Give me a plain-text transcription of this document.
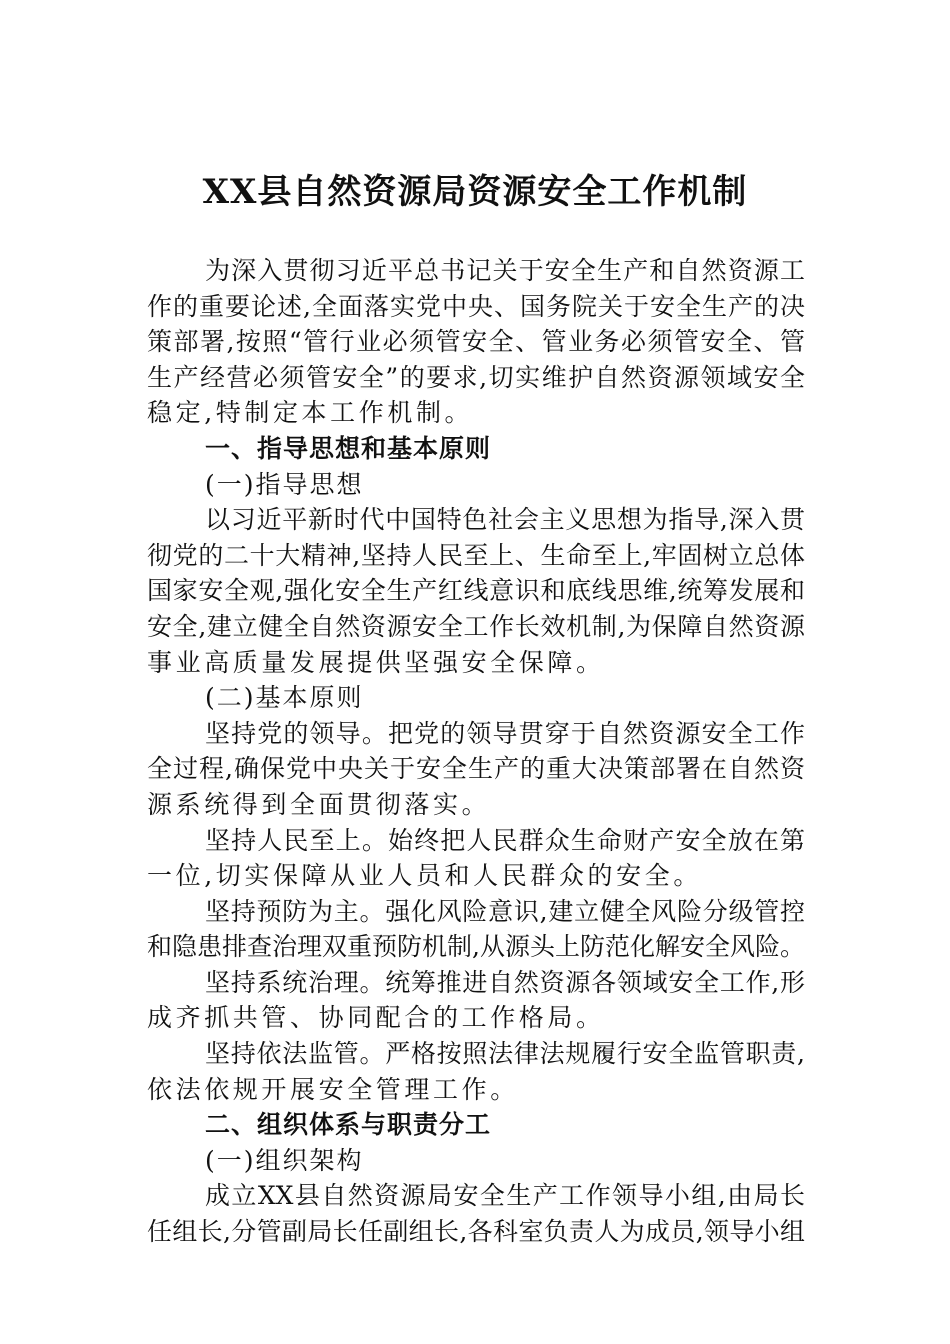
XX县自然资源局资源安全工作机制
为深入贯彻习近平总书记关于安全生产和自然资源工
作的重要论述,全面落实党中央、国务院关于安全生产的决
策部署,按照“管行业必须管安全、管业务必须管安全、管
生产经营必须管安全”的要求,切实维护自然资源领域安全
稳定,特制定本工作机制。
一、指导思想和基本原则
(一)指导思想
以习近平新时代中国特色社会主义思想为指导,深入贯
彻党的二十大精神,坚持人民至上、生命至上,牢固树立总体
国家安全观,强化安全生产红线意识和底线思维,统筹发展和
安全,建立健全自然资源安全工作长效机制,为保障自然资源
事业高质量发展提供坚强安全保障。
(二)基本原则
坚持党的领导。把党的领导贯穿于自然资源安全工作
全过程,确保党中央关于安全生产的重大决策部署在自然资
源系统得到全面贯彻落实。
坚持人民至上。始终把人民群众生命财产安全放在第
一位,切实保障从业人员和人民群众的安全。
坚持预防为主。强化风险意识,建立健全风险分级管控
和隐患排查治理双重预防机制,从源头上防范化解安全风险。
坚持系统治理。统筹推进自然资源各领域安全工作,形
成齐抓共管、协同配合的工作格局。
坚持依法监管。严格按照法律法规履行安全监管职责,
依法依规开展安全管理工作。
二、组织体系与职责分工
(一)组织架构
成立XX县自然资源局安全生产工作领导小组,由局长
任组长,分管副局长任副组长,各科室负责人为成员,领导小组
